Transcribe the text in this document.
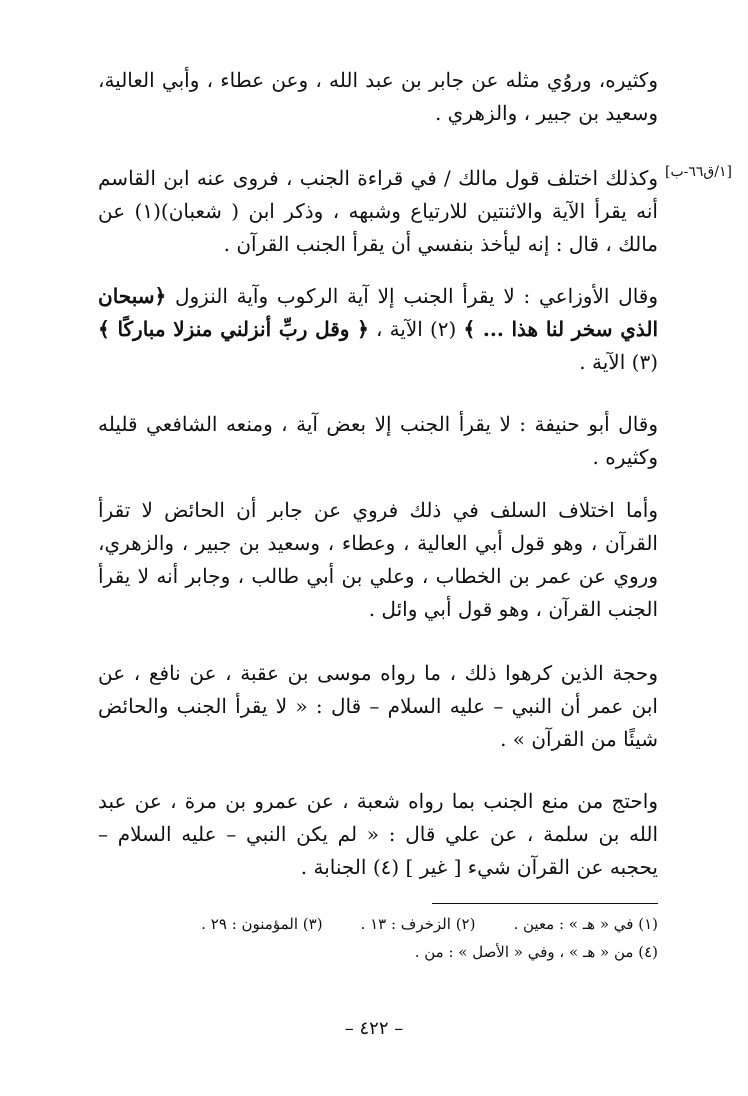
[١/ق٦٦-ب]

وكثيره، وروُي مثله عن جابر بن عبد الله ، وعن عطاء ، وأبي العالية، وسعيد بن جبير ، والزهري .

وكذلك اختلف قول مالك / في قراءة الجنب ، فروى عنه ابن القاسم أنه يقرأ الآية والاثنتين للارتياع وشبهه ، وذكر ابن ( شعبان)(١) عن مالك ، قال : إنه ليأخذ بنفسي أن يقرأ الجنب القرآن .

وقال الأوزاعي : لا يقرأ الجنب إلا آية الركوب وآية النزول ﴿سبحان الذي سخر لنا هذا ... ﴾ (٢) الآية ، ﴿ وقل ربِّ أنزلني منزلا مباركًا ﴾ (٣) الآية .

وقال أبو حنيفة : لا يقرأ الجنب إلا بعض آية ، ومنعه الشافعي قليله وكثيره .

وأما اختلاف السلف في ذلك فروي عن جابر أن الحائض لا تقرأ القرآن ، وهو قول أبي العالية ، وعطاء ، وسعيد بن جبير ، والزهري، وروي عن عمر بن الخطاب ، وعلي بن أبي طالب ، وجابر أنه لا يقرأ الجنب القرآن ، وهو قول أبي وائل .

وحجة الذين كرهوا ذلك ، ما رواه موسى بن عقبة ، عن نافع ، عن ابن عمر أن النبي – عليه السلام – قال : « لا يقرأ الجنب والحائض شيئًا من القرآن » .

واحتج من منع الجنب بما رواه شعبة ، عن عمرو بن مرة ، عن عبد الله بن سلمة ، عن علي قال : « لم يكن النبي – عليه السلام – يحجبه عن القرآن شيء [ غير ] (٤) الجنابة .

(١) في « هـ » : معين .
(٢) الزخرف : ١٣ .
(٣) المؤمنون : ٢٩ .
(٤) من « هـ » ، وفي « الأصل » : من .
– ٤٢٢ –
